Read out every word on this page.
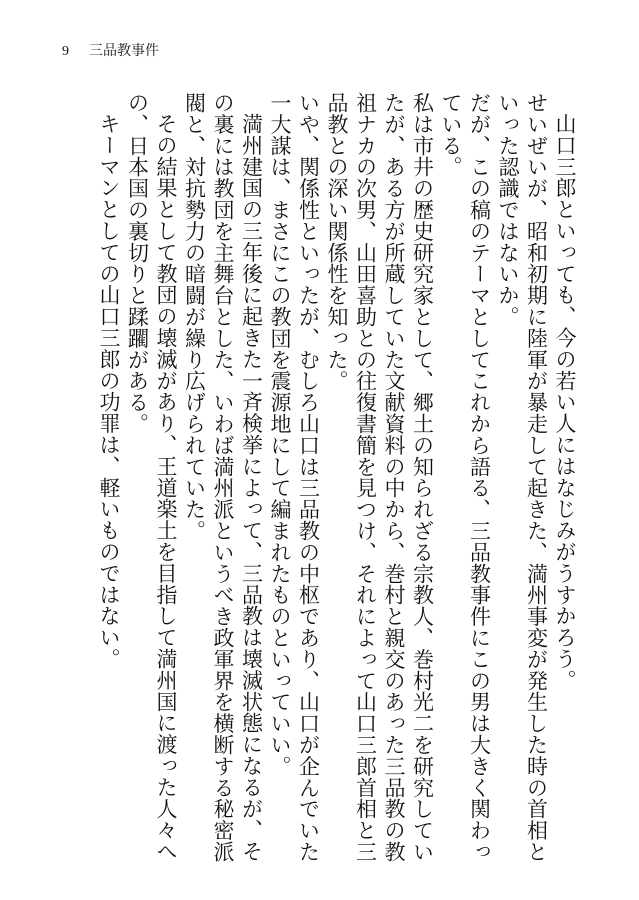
9 三品教事件

山口三郎といっても、今の若い人にはなじみがうすかろう。

せいぜいが、昭和初期に陸軍が暴走して起きた、満州事変が発生した時の首相といった認識ではないか。

だが、この稿のテーマとしてこれから語る、三品教事件にこの男は大きく関わっている。

私は市井の歴史研究家として、郷土の知られざる宗教人、巻村光二を研究していたが、ある方が所蔵していた文献資料の中から、巻村と親交のあった三品教の教祖ナカの次男、山田喜助との往復書簡を見つけ、それによって山口三郎首相と三品教との深い関係性を知った。

いや、関係性といったが、むしろ山口は三品教の中枢であり、山口が企んでいた一大謀は、まさにこの教団を震源地にして編まれたものといっていい。

満州建国の三年後に起きた一斉検挙によって、三品教は壊滅状態になるが、その裏には教団を主舞台とした、いわば満州派というべき政軍界を横断する秘密派閥と、対抗勢力の暗闘が繰り広げられていた。

その結果として教団の壊滅があり、王道楽土を目指して満州国に渡った人々への、日本国の裏切りと蹂躙がある。

キーマンとしての山口三郎の功罪は、軽いものではない。
